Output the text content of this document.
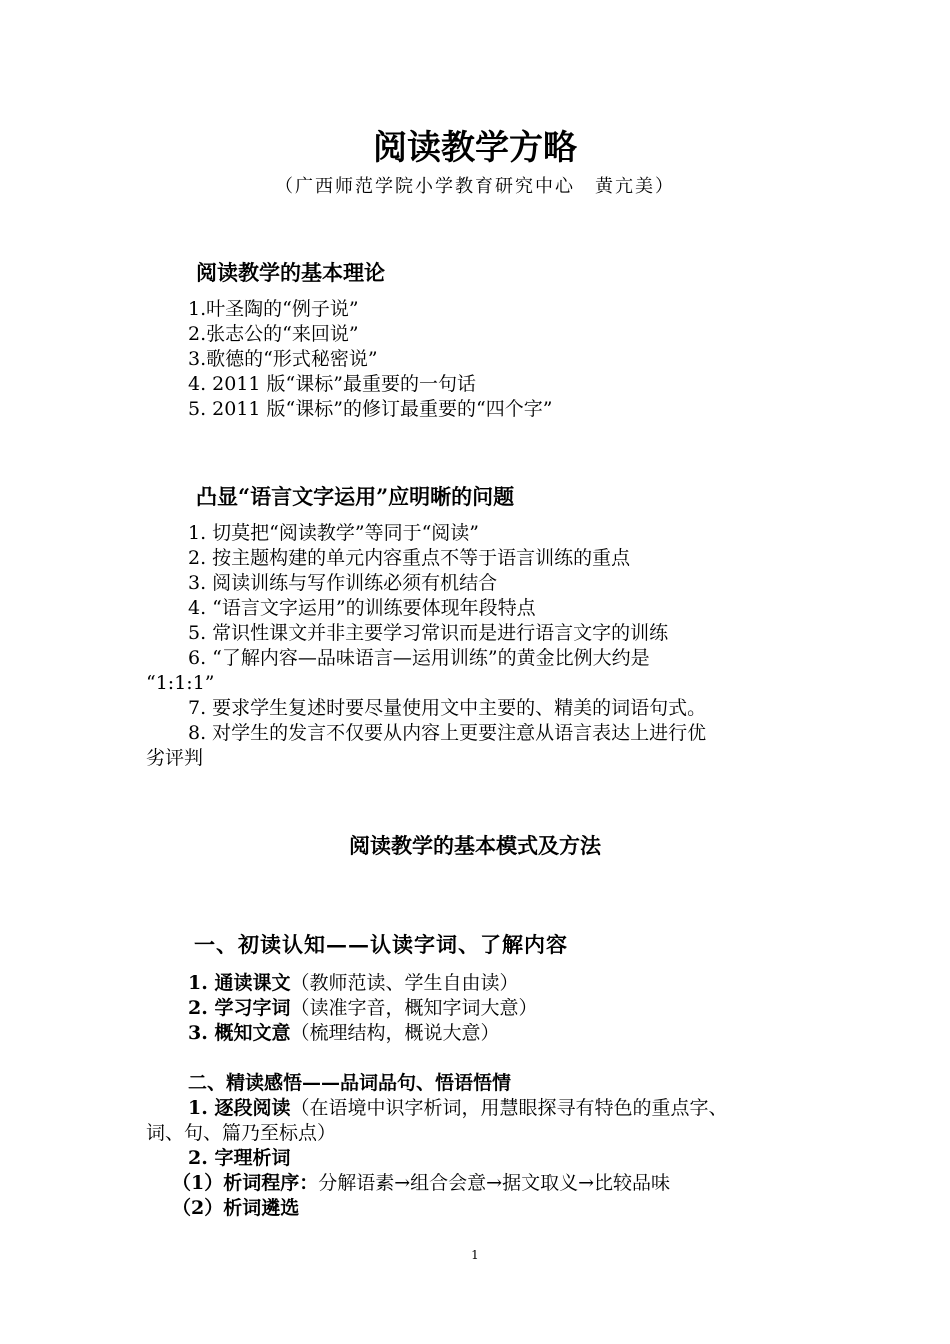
阅读教学方略
（广西师范学院小学教育研究中心　黄亢美）
阅读教学的基本理论
1.叶圣陶的“例子说”
2.张志公的“来回说”
3.歌德的“形式秘密说”
4. 2011 版“课标”最重要的一句话
5. 2011 版“课标”的修订最重要的“四个字”
凸显“语言文字运用”应明晰的问题
1. 切莫把“阅读教学”等同于“阅读”
2. 按主题构建的单元内容重点不等于语言训练的重点
3. 阅读训练与写作训练必须有机结合
4. “语言文字运用”的训练要体现年段特点
5. 常识性课文并非主要学习常识而是进行语言文字的训练
6. “了解内容—品味语言—运用训练”的黄金比例大约是
“1:1:1”
7. 要求学生复述时要尽量使用文中主要的、精美的词语句式。
8. 对学生的发言不仅要从内容上更要注意从语言表达上进行优
劣评判
阅读教学的基本模式及方法
一、初读认知——认读字词、了解内容
1. 通读课文（教师范读、学生自由读）
2. 学习字词（读准字音，概知字词大意）
3. 概知文意（梳理结构，概说大意）
二、精读感悟——品词品句、悟语悟情
1. 逐段阅读（在语境中识字析词，用慧眼探寻有特色的重点字、
词、句、篇乃至标点）
2. 字理析词
（1）析词程序：分解语素→组合会意→据文取义→比较品味
（2）析词遴选
1
